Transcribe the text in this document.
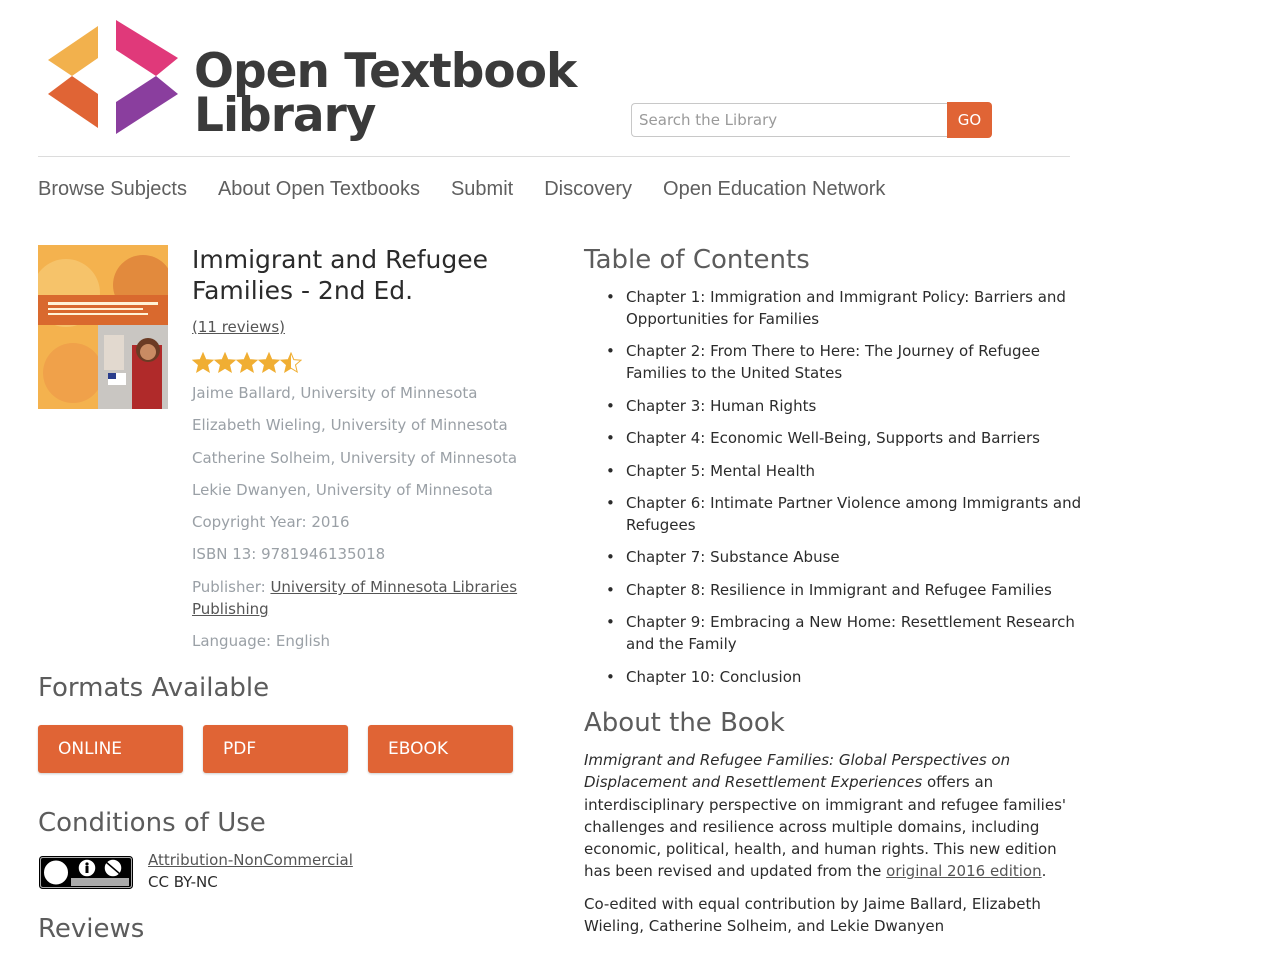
Open Textbook
Library
Search the Library	GO
Browse Subjects About Open Textbooks Submit Discovery Open Education Network
Immigrant and Refugee Families - 2nd Ed.
(11 reviews)
Jaime Ballard, University of Minnesota
Elizabeth Wieling, University of Minnesota
Catherine Solheim, University of Minnesota
Lekie Dwanyen, University of Minnesota
Copyright Year: 2016
ISBN 13: 9781946135018
Publisher: University of Minnesota Libraries Publishing
Language: English
Formats Available
ONLINE	PDF	EBOOK
Conditions of Use
Attribution-NonCommercial
CC BY-NC
Reviews
Table of Contents
• Chapter 1: Immigration and Immigrant Policy: Barriers and Opportunities for Families
• Chapter 2: From There to Here: The Journey of Refugee Families to the United States
• Chapter 3: Human Rights
• Chapter 4: Economic Well-Being, Supports and Barriers
• Chapter 5: Mental Health
• Chapter 6: Intimate Partner Violence among Immigrants and Refugees
• Chapter 7: Substance Abuse
• Chapter 8: Resilience in Immigrant and Refugee Families
• Chapter 9: Embracing a New Home: Resettlement Research and the Family
• Chapter 10: Conclusion
About the Book

Immigrant and Refugee Families: Global Perspectives on Displacement and Resettlement Experiences offers an interdisciplinary perspective on immigrant and refugee families' challenges and resilience across multiple domains, including economic, political, health, and human rights. This new edition has been revised and updated from the original 2016 edition.

Co-edited with equal contribution by Jaime Ballard, Elizabeth Wieling, Catherine Solheim, and Lekie Dwanyen
